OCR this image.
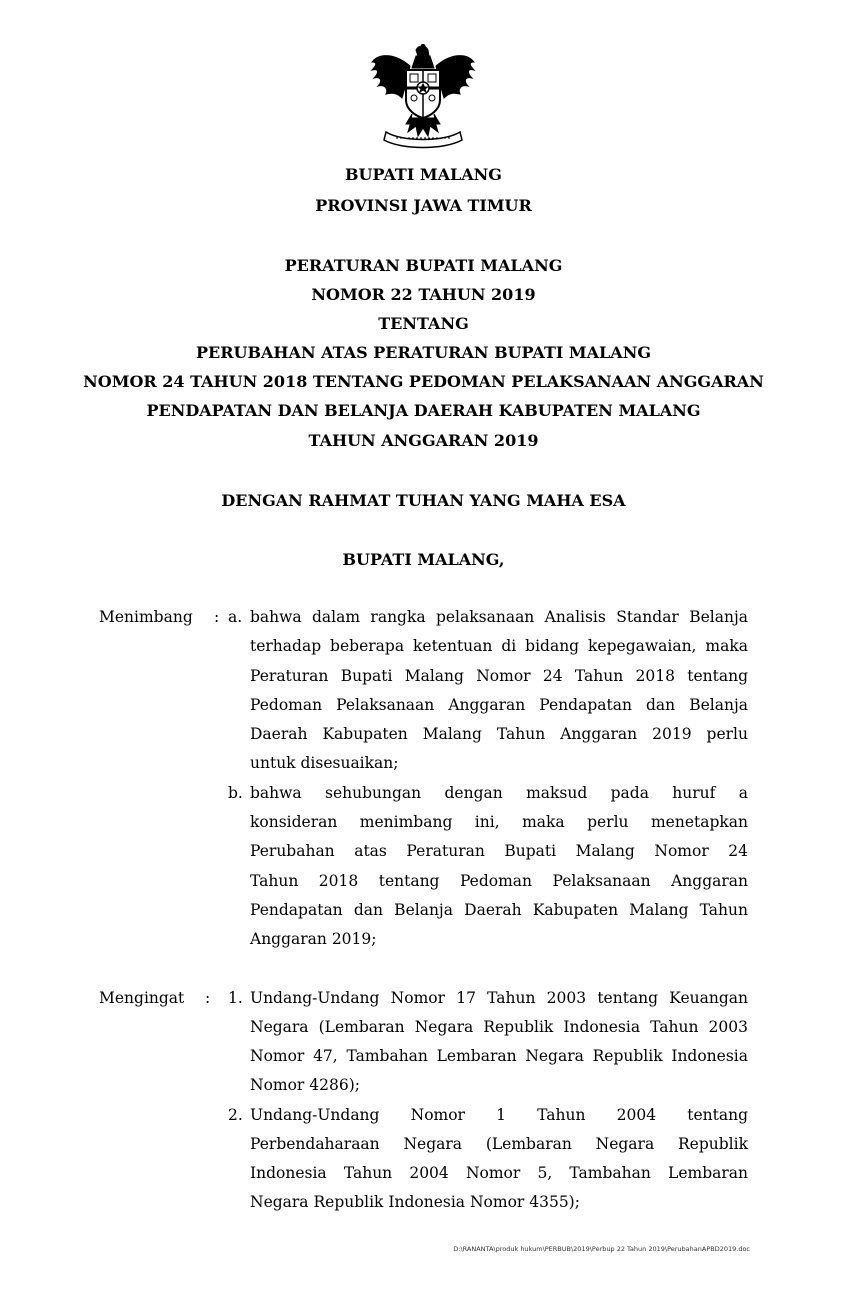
BUPATI MALANG
PROVINSI JAWA TIMUR
PERATURAN BUPATI MALANG
NOMOR 22 TAHUN 2019
TENTANG
PERUBAHAN ATAS PERATURAN BUPATI MALANG
NOMOR 24 TAHUN 2018 TENTANG PEDOMAN PELAKSANAAN ANGGARAN
PENDAPATAN DAN BELANJA DAERAH KABUPATEN MALANG
TAHUN ANGGARAN 2019
DENGAN RAHMAT TUHAN YANG MAHA ESA
BUPATI MALANG,
Menimbang : a. bahwa dalam rangka pelaksanaan Analisis Standar Belanja
terhadap beberapa ketentuan di bidang kepegawaian, maka
Peraturan Bupati Malang Nomor 24 Tahun 2018 tentang
Pedoman Pelaksanaan Anggaran Pendapatan dan Belanja
Daerah Kabupaten Malang Tahun Anggaran 2019 perlu
untuk disesuaikan;
b. bahwa sehubungan dengan maksud pada huruf a
konsideran menimbang ini, maka perlu menetapkan
Perubahan atas Peraturan Bupati Malang Nomor 24
Tahun 2018 tentang Pedoman Pelaksanaan Anggaran
Pendapatan dan Belanja Daerah Kabupaten Malang Tahun
Anggaran 2019;
Mengingat : 1. Undang-Undang Nomor 17 Tahun 2003 tentang Keuangan
Negara (Lembaran Negara Republik Indonesia Tahun 2003
Nomor 47, Tambahan Lembaran Negara Republik Indonesia
Nomor 4286);
2. Undang-Undang Nomor 1 Tahun 2004 tentang
Perbendaharaan Negara (Lembaran Negara Republik
Indonesia Tahun 2004 Nomor 5, Tambahan Lembaran
Negara Republik Indonesia Nomor 4355);
D:\RANANTA\produk hukum\PERBUB\2019\Perbup 22 Tahun 2019\PerubahanAPBD2019.doc
